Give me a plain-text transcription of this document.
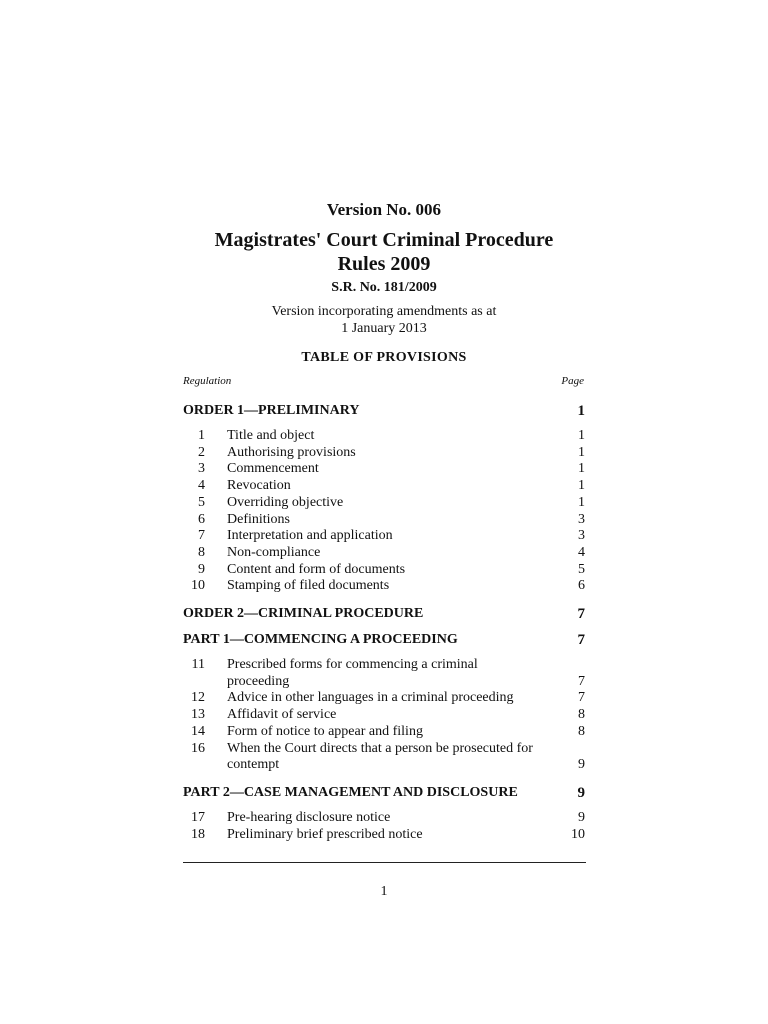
Version No. 006
Magistrates' Court Criminal Procedure
Rules 2009
S.R. No. 181/2009
Version incorporating amendments as at
1 January 2013
TABLE OF PROVISIONS
Regulation	Page
ORDER 1—PRELIMINARY	1
1	Title and object	1
2	Authorising provisions	1
3	Commencement	1
4	Revocation	1
5	Overriding objective	1
6	Definitions	3
7	Interpretation and application	3
8	Non-compliance	4
9	Content and form of documents	5
10	Stamping of filed documents	6
ORDER 2—CRIMINAL PROCEDURE	7
PART 1—COMMENCING A PROCEEDING	7
11	Prescribed forms for commencing a criminal
proceeding	7
12	Advice in other languages in a criminal proceeding	7
13	Affidavit of service	8
14	Form of notice to appear and filing	8
16	When the Court directs that a person be prosecuted for
contempt	9
PART 2—CASE MANAGEMENT AND DISCLOSURE	9
17	Pre-hearing disclosure notice	9
18	Preliminary brief prescribed notice	10
1
